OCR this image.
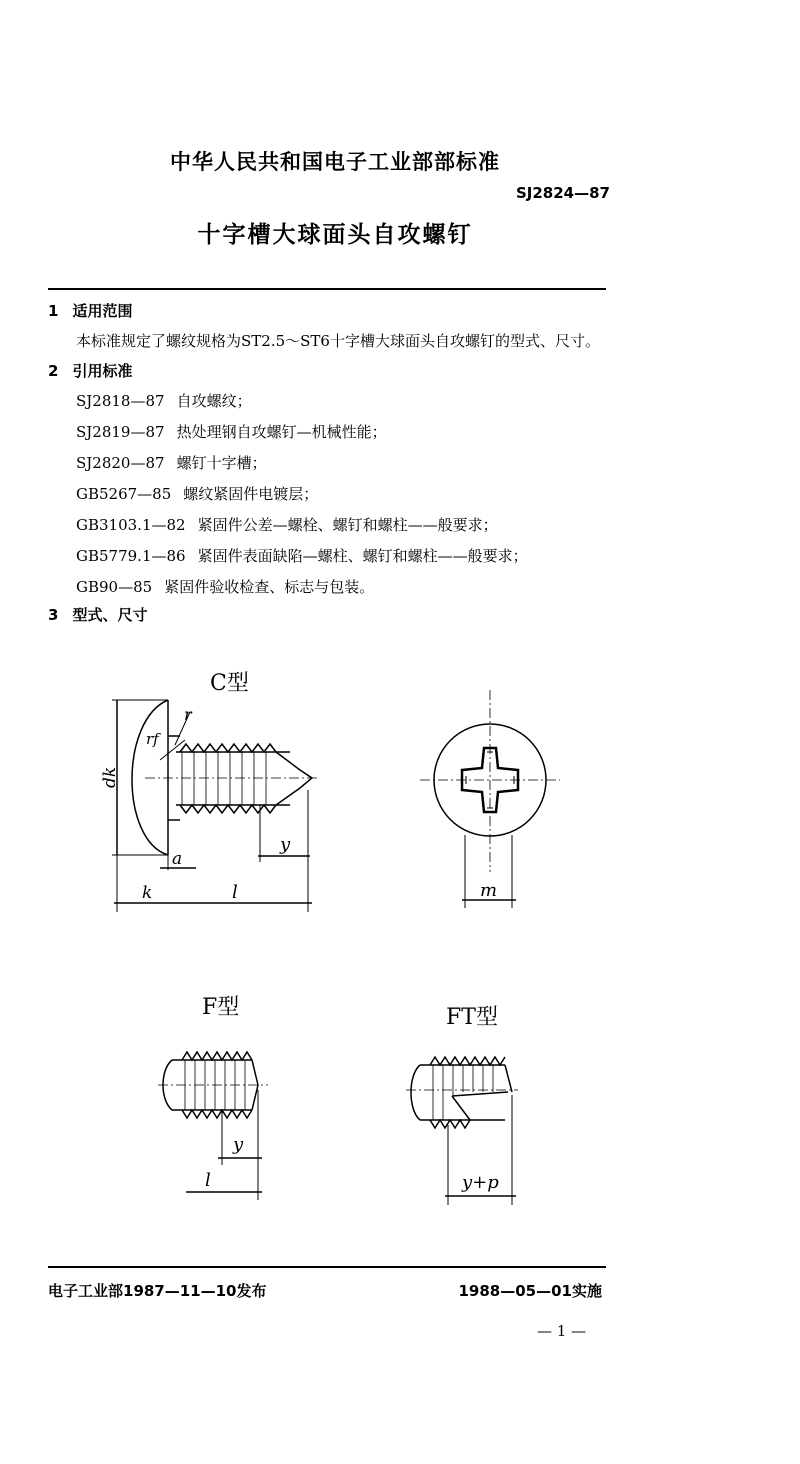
中华人民共和国电子工业部部标准
SJ2824—87
十字槽大球面头自攻螺钉
1 适用范围
本标准规定了螺纹规格为ST2.5～ST6十字槽大球面头自攻螺钉的型式、尺寸。
2 引用标准
SJ2818—87 自攻螺纹；
SJ2819—87 热处理钢自攻螺钉—机械性能；
SJ2820—87 螺钉十字槽；
GB5267—85 螺纹紧固件电镀层；
GB3103.1—82 紧固件公差—螺栓、螺钉和螺柱——般要求；
GB5779.1—86 紧固件表面缺陷—螺柱、螺钉和螺柱——般要求；
GB90—85 紧固件验收检查、标志与包装。
3 型式、尺寸
C型
dk
rf
r
a
k	l
y
m
F型
y
l
FT型
y+p
电子工业部1987—11—10发布	1988—05—01实施
— 1 —
